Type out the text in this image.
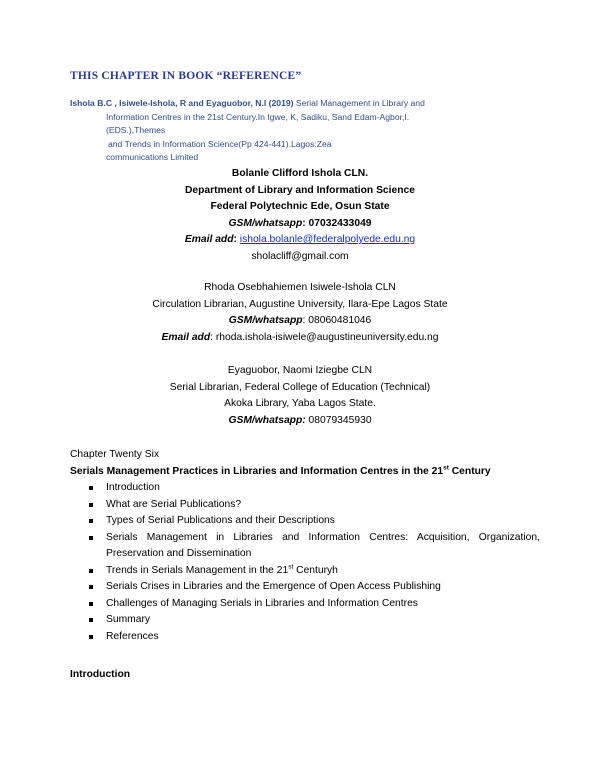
THIS CHAPTER IN BOOK “REFERENCE”
Ishola B.C , Isiwele-Ishola, R and Eyaguobor, N.I (2019) Serial Management in Library and
Information Centres in the 21st Century.In Igwe, K, Sadiku, Sand Edam-Agbor,I. (EDS.),Themes
and Trends in Information Science(Pp 424-441).Lagos:Zea
communications Limited
Bolanle Clifford Ishola CLN.
Department of Library and Information Science
Federal Polytechnic Ede, Osun State
GSM/whatsapp: 07032433049
Email add: ishola.bolanle@federalpolyede.edu.ng
sholacliff@gmail.com
Rhoda Osebhahiemen Isiwele-Ishola CLN
Circulation Librarian, Augustine University, Ilara-Epe Lagos State
GSM/whatsapp: 08060481046
Email add: rhoda.ishola-isiwele@augustineuniversity.edu.ng
Eyaguobor, Naomi Iziegbe CLN
Serial Librarian, Federal College of Education (Technical)
Akoka Library, Yaba Lagos State.
GSM/whatsapp: 08079345930
Chapter Twenty Six
Serials Management Practices in Libraries and Information Centres in the 21st Century
Introduction
What are Serial Publications?
Types of Serial Publications and their Descriptions
Serials Management in Libraries and Information Centres: Acquisition, Organization, Preservation and Dissemination
Trends in Serials Management in the 21st Centuryh
Serials Crises in Libraries and the Emergence of Open Access Publishing
Challenges of Managing Serials in Libraries and Information Centres
Summary
References
Introduction
